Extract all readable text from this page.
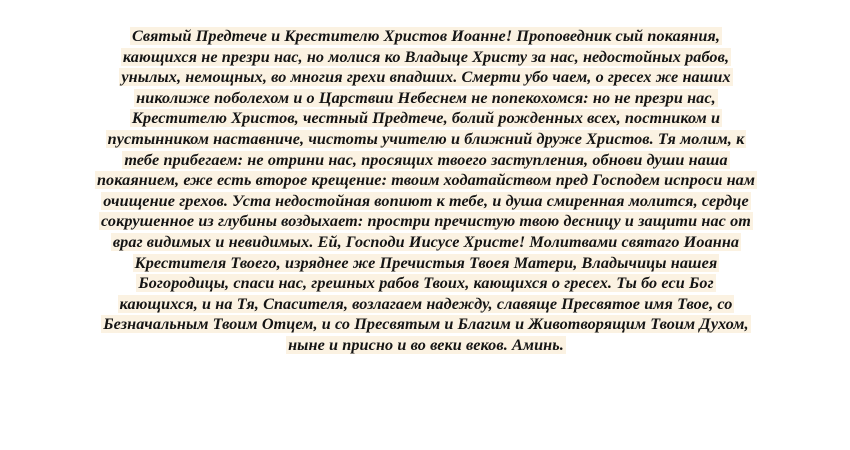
Святый Предтече и Крестителю Христов Иоанне! Проповедник сый покаяния,
кающихся не презри нас, но молися ко Владыце Христу за нас, недостойных рабов,
унылых, немощных, во многия грехи впадших. Смерти убо чаем, о гресех же наших
николиже поболехом и о Царствии Небеснем не попекохомся: но не презри нас,
Крестителю Христов, честный Предтече, болий рожденных всех, постником и
пустынником наставниче, чистоты учителю и ближний друже Христов. Тя молим, к
тебе прибегаем: не отрини нас, просящих твоего заступления, обнови души наша
покаянием, еже есть второе крещение: твоим ходатайством пред Господем испроси нам
очищение грехов. Уста недостойная вопиют к тебе, и душа смиренная молится, сердце
сокрушенное из глубины воздыхает: простри пречистую твою десницу и защити нас от
враг видимых и невидимых. Ей, Господи Иисусе Христе! Молитвами святаго Иоанна
Крестителя Твоего, изрядн​ее же Пречистыя Твоея Матери, Владычицы нашея
Богородицы, спаси нас, грешных рабов Твоих, кающихся о гресех. Ты бо еси Бог
кающихся, и на Тя, Спасителя, возлагаем надежду, славяще Пресвятое имя Твое, со
Безначальным Твоим Отцем, и со Пресвятым и Благим и Животворящим Твоим Духом,
ныне и присно и во веки веков. Аминь.
